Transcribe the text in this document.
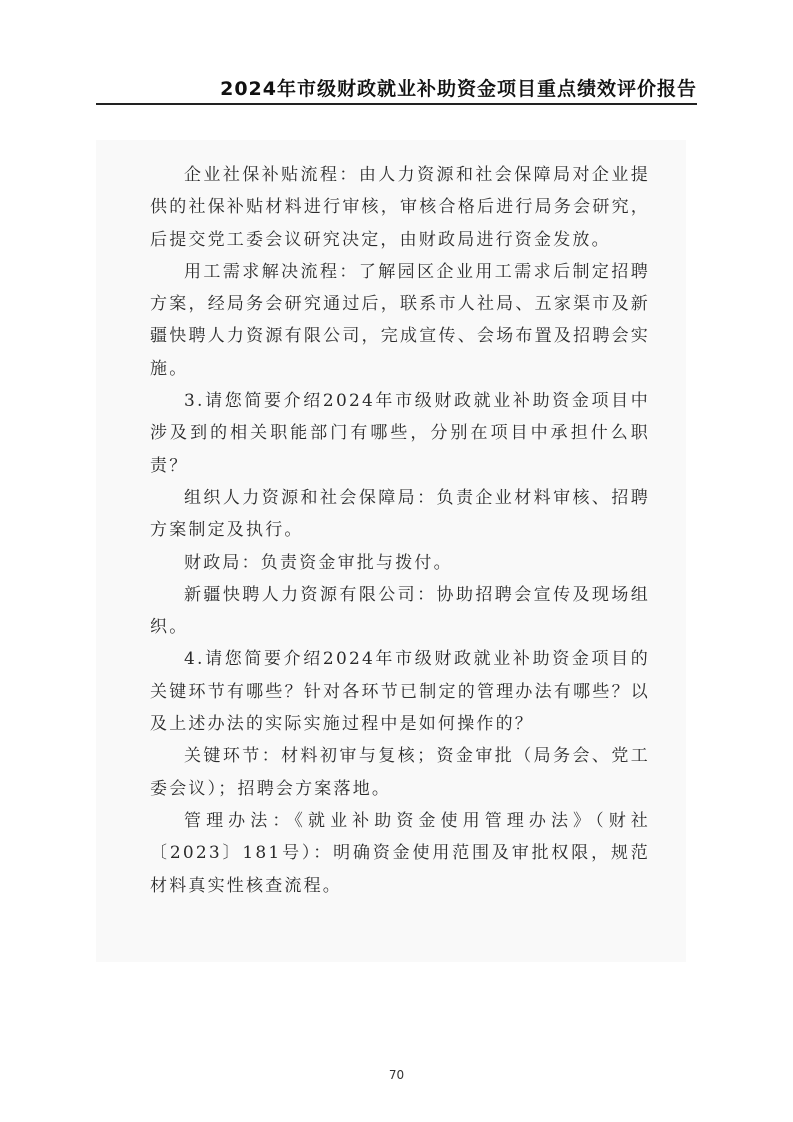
2024年市级财政就业补助资金项目重点绩效评价报告

企业社保补贴流程：由人力资源和社会保障局对企业提供的社保补贴材料进行审核，审核合格后进行局务会研究，后提交党工委会议研究决定，由财政局进行资金发放。

用工需求解决流程：了解园区企业用工需求后制定招聘方案，经局务会研究通过后，联系市人社局、五家渠市及新疆快聘人力资源有限公司，完成宣传、会场布置及招聘会实施。

3.请您简要介绍2024年市级财政就业补助资金项目中涉及到的相关职能部门有哪些，分别在项目中承担什么职责？

组织人力资源和社会保障局：负责企业材料审核、招聘方案制定及执行。

财政局：负责资金审批与拨付。

新疆快聘人力资源有限公司：协助招聘会宣传及现场组织。

4.请您简要介绍2024年市级财政就业补助资金项目的关键环节有哪些？针对各环节已制定的管理办法有哪些？以及上述办法的实际实施过程中是如何操作的？

关键环节：材料初审与复核；资金审批（局务会、党工委会议）；招聘会方案落地。

管理办法：《就业补助资金使用管理办法》（财社〔2023〕181号）：明确资金使用范围及审批权限，规范材料真实性核查流程。

70
